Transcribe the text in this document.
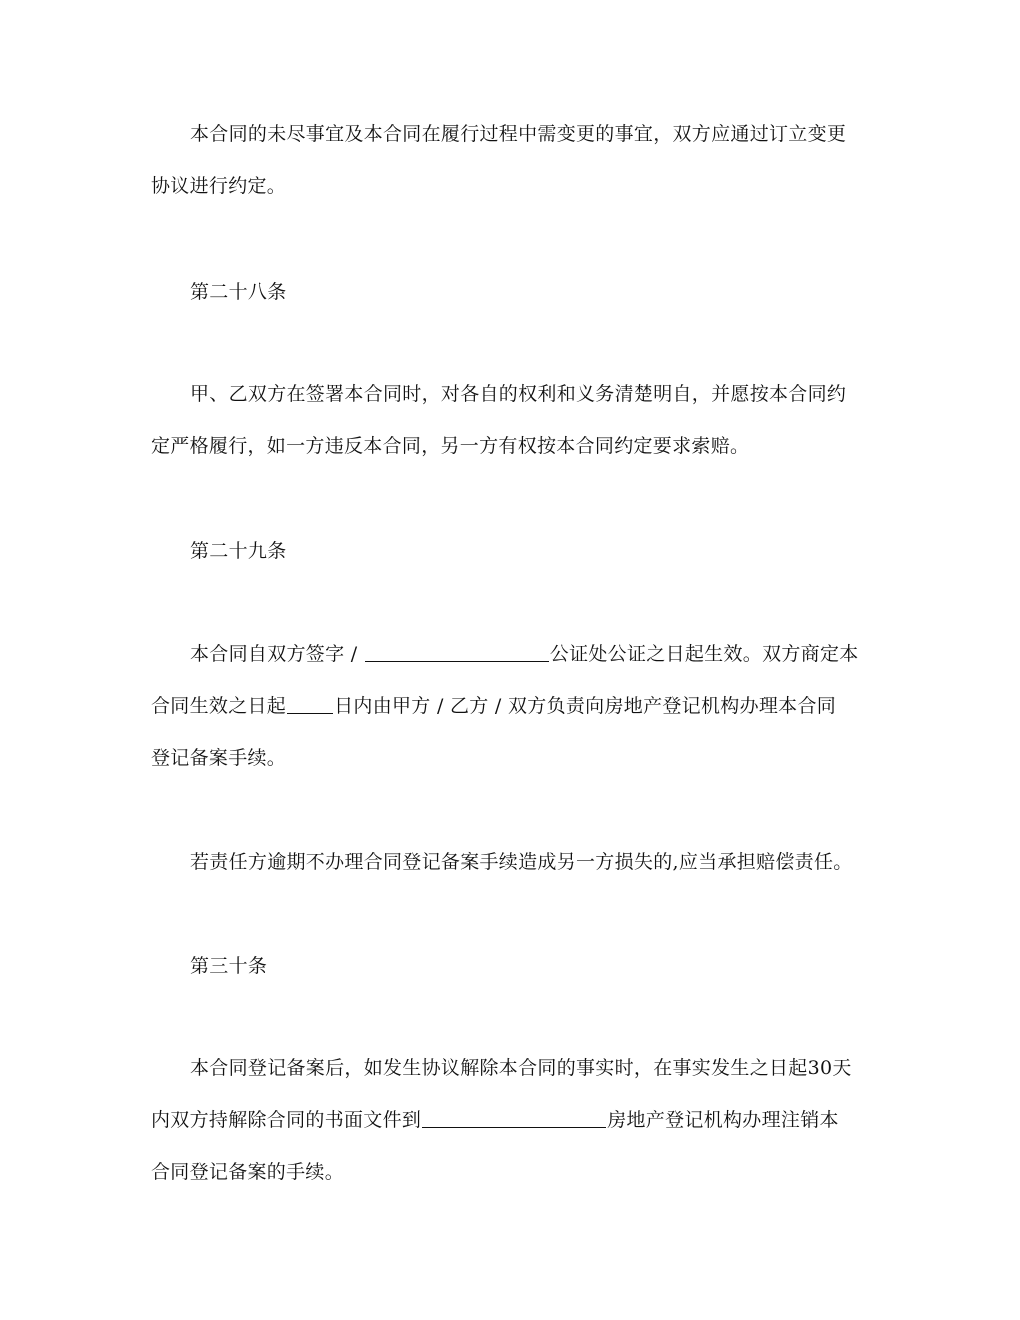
本合同的未尽事宜及本合同在履行过程中需变更的事宜，双方应通过订立变更
协议进行约定。
第二十八条
甲、乙双方在签署本合同时，对各自的权利和义务清楚明自，并愿按本合同约
定严格履行，如一方违反本合同，另一方有权按本合同约定要求索赔。
第二十九条
本合同自双方签字 /	公证处公证之日起生效。双方商定本
合同生效之日起	日内由甲方 / 乙方 / 双方负责向房地产登记机构办理本合同
登记备案手续。
若责任方逾期不办理合同登记备案手续造成另一方损失的,应当承担赔偿责任。
第三十条
本合同登记备案后，如发生协议解除本合同的事实时，在事实发生之日起30天
内双方持解除合同的书面文件到	房地产登记机构办理注销本
合同登记备案的手续。
